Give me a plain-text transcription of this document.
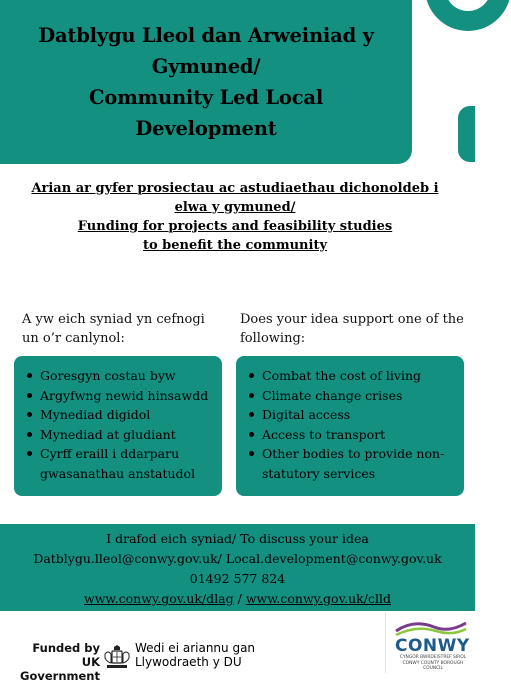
Datblygu Lleol dan Arweiniad y
Gymuned/
Community Led Local Development
Arian ar gyfer prosiectau ac astudiaethau dichonoldeb i
elwa y gymuned/
Funding for projects and feasibility studies
to benefit the community
A yw eich syniad yn cefnogi
un o’r canlynol:
Does your idea support one of the
following:
Goresgyn costau byw
Argyfwng newid hinsawdd
Mynediad digidol
Mynediad at gludiant
Cyrff eraill i ddarparu gwasanathau anstatudol
Combat the cost of living
Climate change crises
Digital access
Access to transport
Other bodies to provide non-statutory services
I drafod eich syniad/ To discuss your idea
Datblygu.lleol@conwy.gov.uk/ Local.development@conwy.gov.uk
01492 577 824
www.conwy.gov.uk/dlag / www.conwy.gov.uk/clld
Funded by
UK Government
Wedi ei ariannu gan
Llywodraeth y DU
CONWY
CYNGOR BWRDEISTREF SIROL CONWY COUNTY BOROUGH COUNCIL
